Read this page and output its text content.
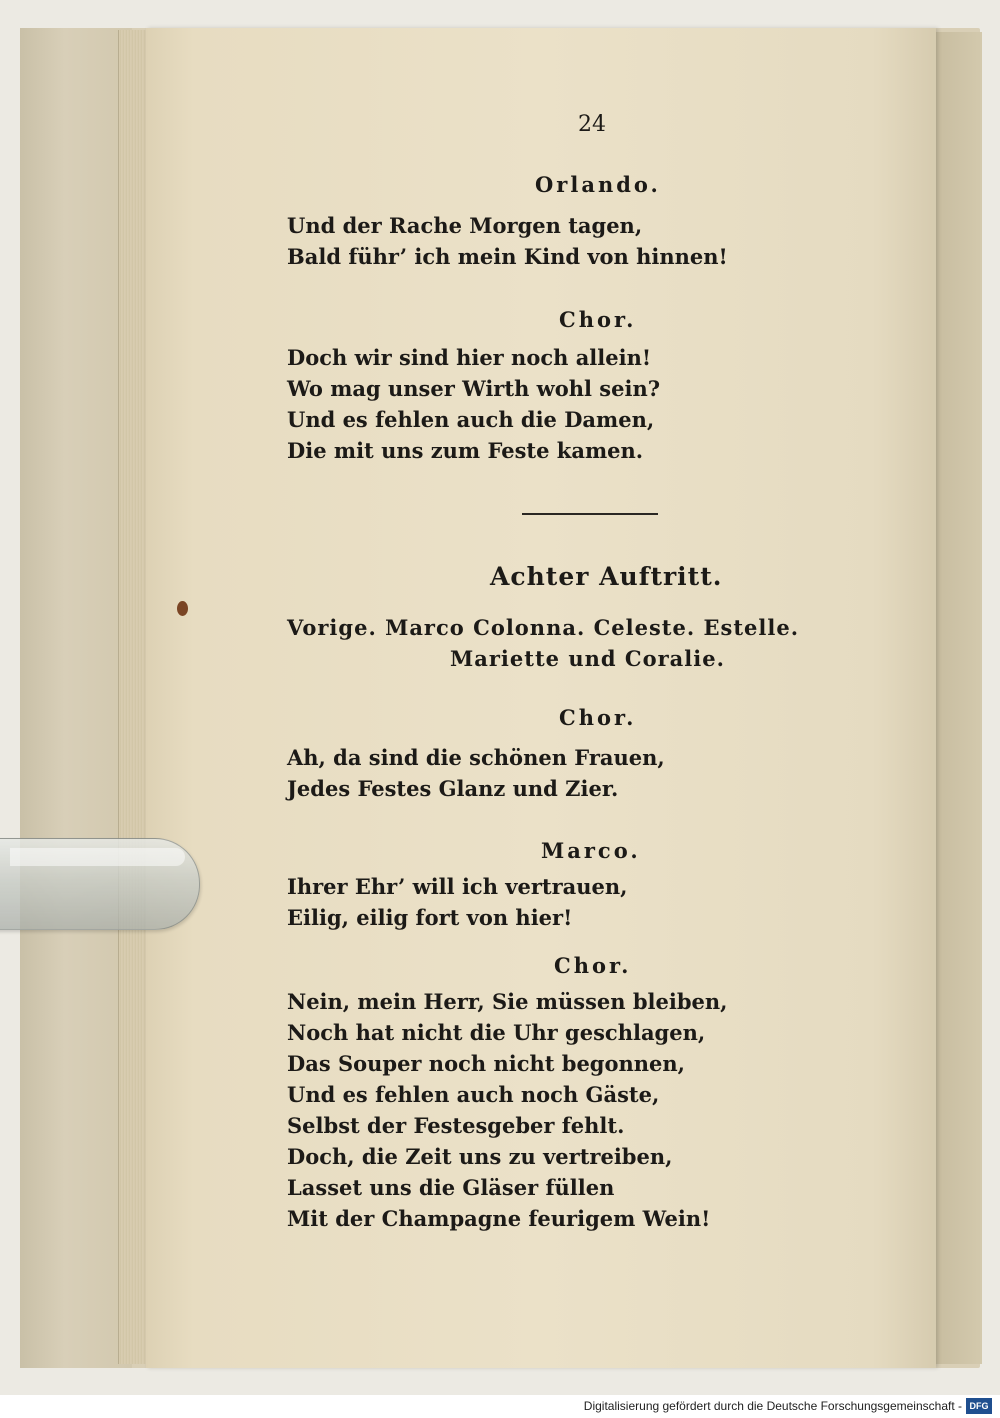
24
Orlando.
Und der Rache Morgen tagen,
Bald führ’ ich mein Kind von hinnen!
Chor.
Doch wir sind hier noch allein!
Wo mag unser Wirth wohl sein?
Und es fehlen auch die Damen,
Die mit uns zum Feste kamen.
Achter Auftritt.
Vorige. Marco Colonna. Celeste. Estelle.
Mariette und Coralie.
Chor.
Ah, da sind die schönen Frauen,
Jedes Festes Glanz und Zier.
Marco.
Ihrer Ehr’ will ich vertrauen,
Eilig, eilig fort von hier!
Chor.
Nein, mein Herr, Sie müssen bleiben,
Noch hat nicht die Uhr geschlagen,
Das Souper noch nicht begonnen,
Und es fehlen auch noch Gäste,
Selbst der Festesgeber fehlt.
Doch, die Zeit uns zu vertreiben,
Lasset uns die Gläser füllen
Mit der Champagne feurigem Wein!
Digitalisierung gefördert durch die Deutsche Forschungsgemeinschaft - DFG
